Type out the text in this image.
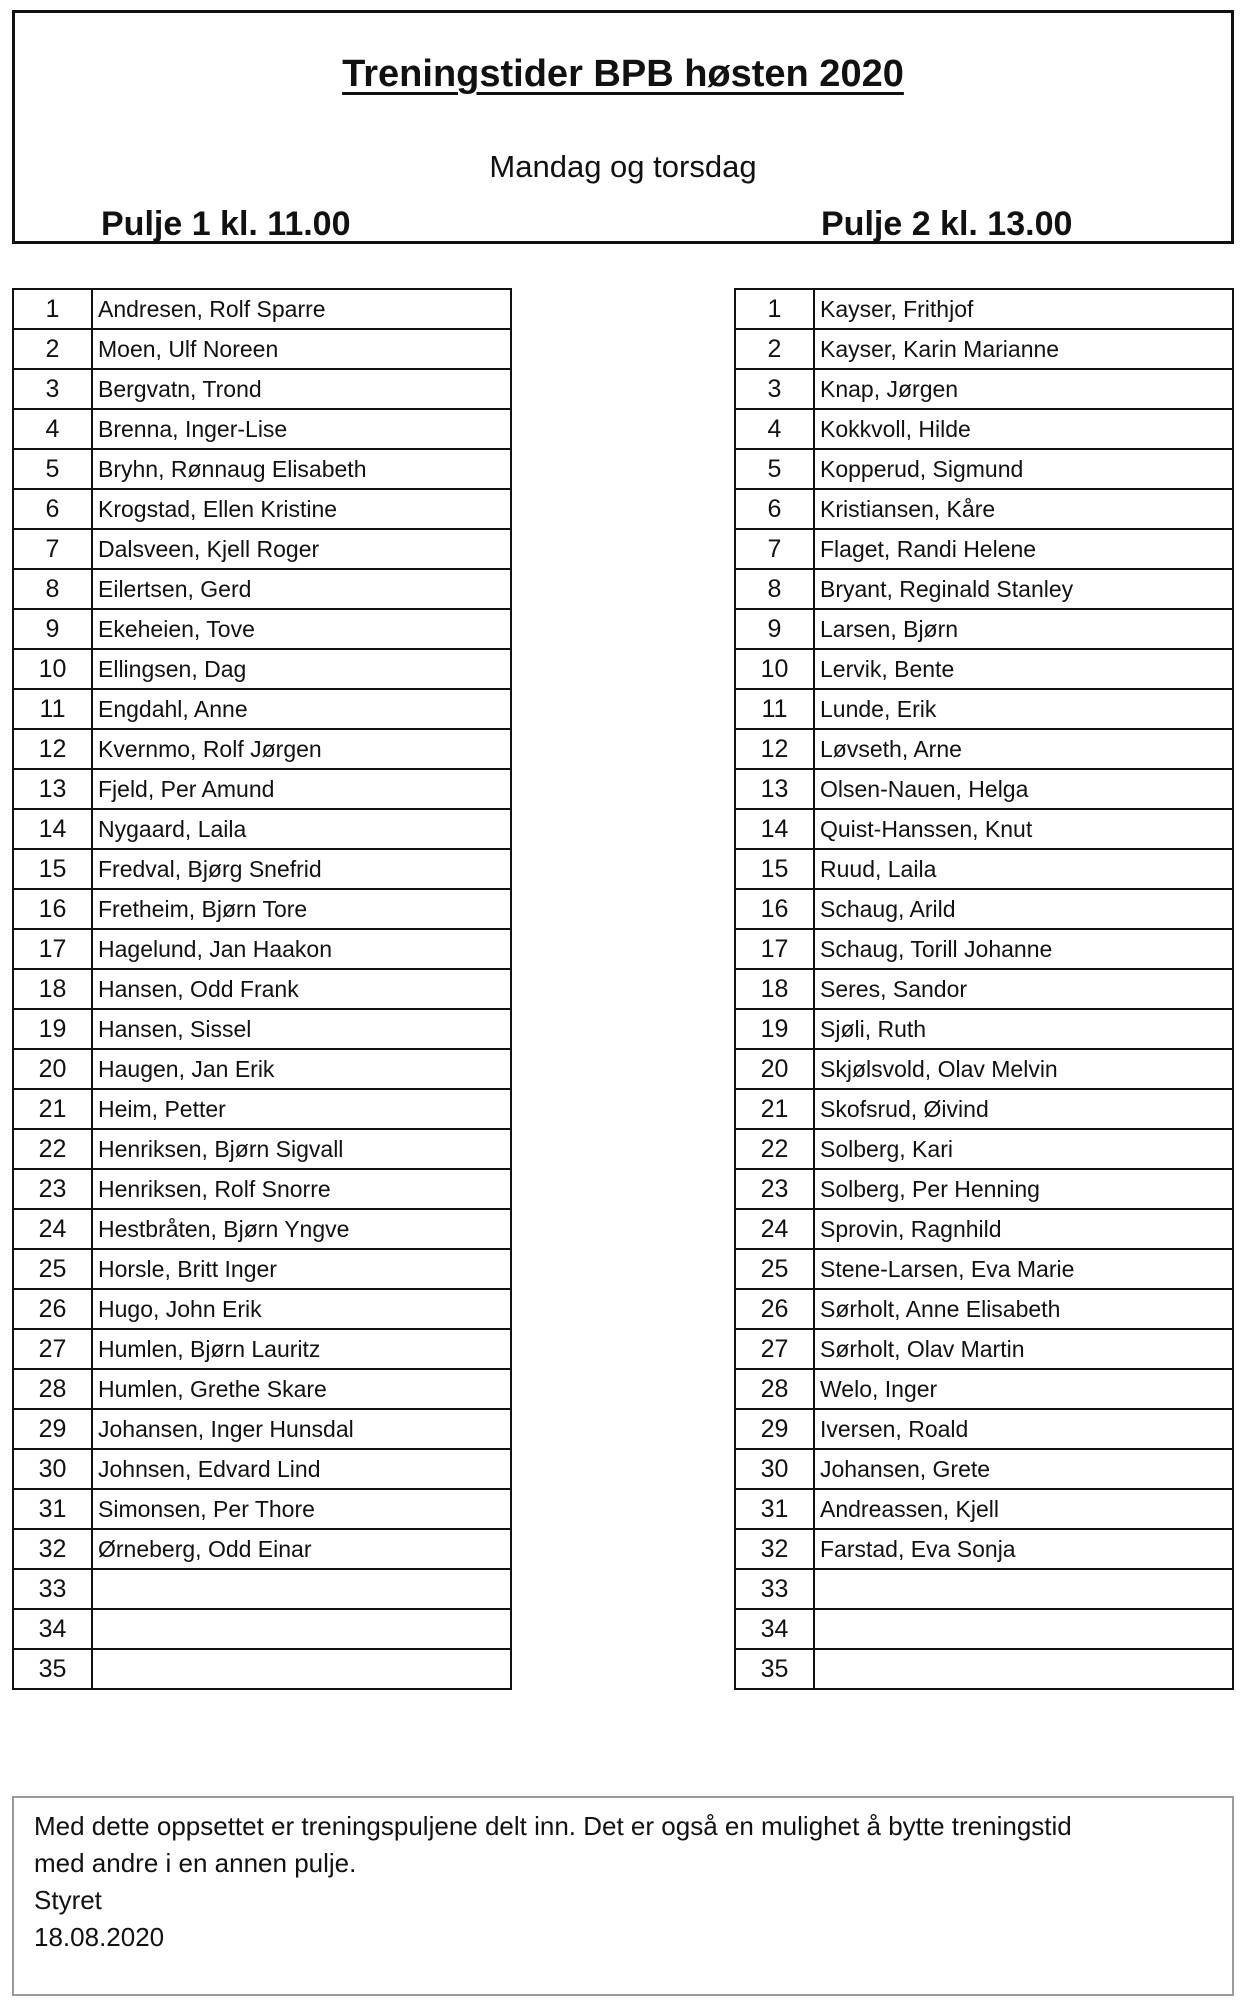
Treningstider BPB høsten 2020
Mandag og torsdag
Pulje 1 kl. 11.00	Pulje 2 kl. 13.00
1	Andresen, Rolf Sparre
2	Moen, Ulf Noreen
3	Bergvatn, Trond
4	Brenna, Inger-Lise
5	Bryhn, Rønnaug Elisabeth
6	Krogstad, Ellen Kristine
7	Dalsveen, Kjell Roger
8	Eilertsen, Gerd
9	Ekeheien, Tove
10	Ellingsen, Dag
11	Engdahl, Anne
12	Kvernmo, Rolf Jørgen
13	Fjeld, Per Amund
14	Nygaard, Laila
15	Fredval, Bjørg Snefrid
16	Fretheim, Bjørn Tore
17	Hagelund, Jan Haakon
18	Hansen, Odd Frank
19	Hansen, Sissel
20	Haugen, Jan Erik
21	Heim, Petter
22	Henriksen, Bjørn Sigvall
23	Henriksen, Rolf Snorre
24	Hestbråten, Bjørn Yngve
25	Horsle, Britt Inger
26	Hugo, John Erik
27	Humlen, Bjørn Lauritz
28	Humlen, Grethe Skare
29	Johansen, Inger Hunsdal
30	Johnsen, Edvard Lind
31	Simonsen, Per Thore
32	Ørneberg, Odd Einar
33	
34	
35	
1	Kayser, Frithjof
2	Kayser, Karin Marianne
3	Knap, Jørgen
4	Kokkvoll, Hilde
5	Kopperud, Sigmund
6	Kristiansen, Kåre
7	Flaget, Randi Helene
8	Bryant, Reginald Stanley
9	Larsen, Bjørn
10	Lervik, Bente
11	Lunde, Erik
12	Løvseth, Arne
13	Olsen-Nauen, Helga
14	Quist-Hanssen, Knut
15	Ruud, Laila
16	Schaug, Arild
17	Schaug, Torill Johanne
18	Seres, Sandor
19	Sjøli, Ruth
20	Skjølsvold, Olav Melvin
21	Skofsrud, Øivind
22	Solberg, Kari
23	Solberg, Per Henning
24	Sprovin, Ragnhild
25	Stene-Larsen, Eva Marie
26	Sørholt, Anne Elisabeth
27	Sørholt, Olav Martin
28	Welo, Inger
29	Iversen, Roald
30	Johansen, Grete
31	Andreassen, Kjell
32	Farstad, Eva Sonja
33	
34	
35	
Med dette oppsettet er treningspuljene delt inn. Det er også en mulighet å bytte treningstid
med andre i en annen pulje.
Styret
18.08.2020
